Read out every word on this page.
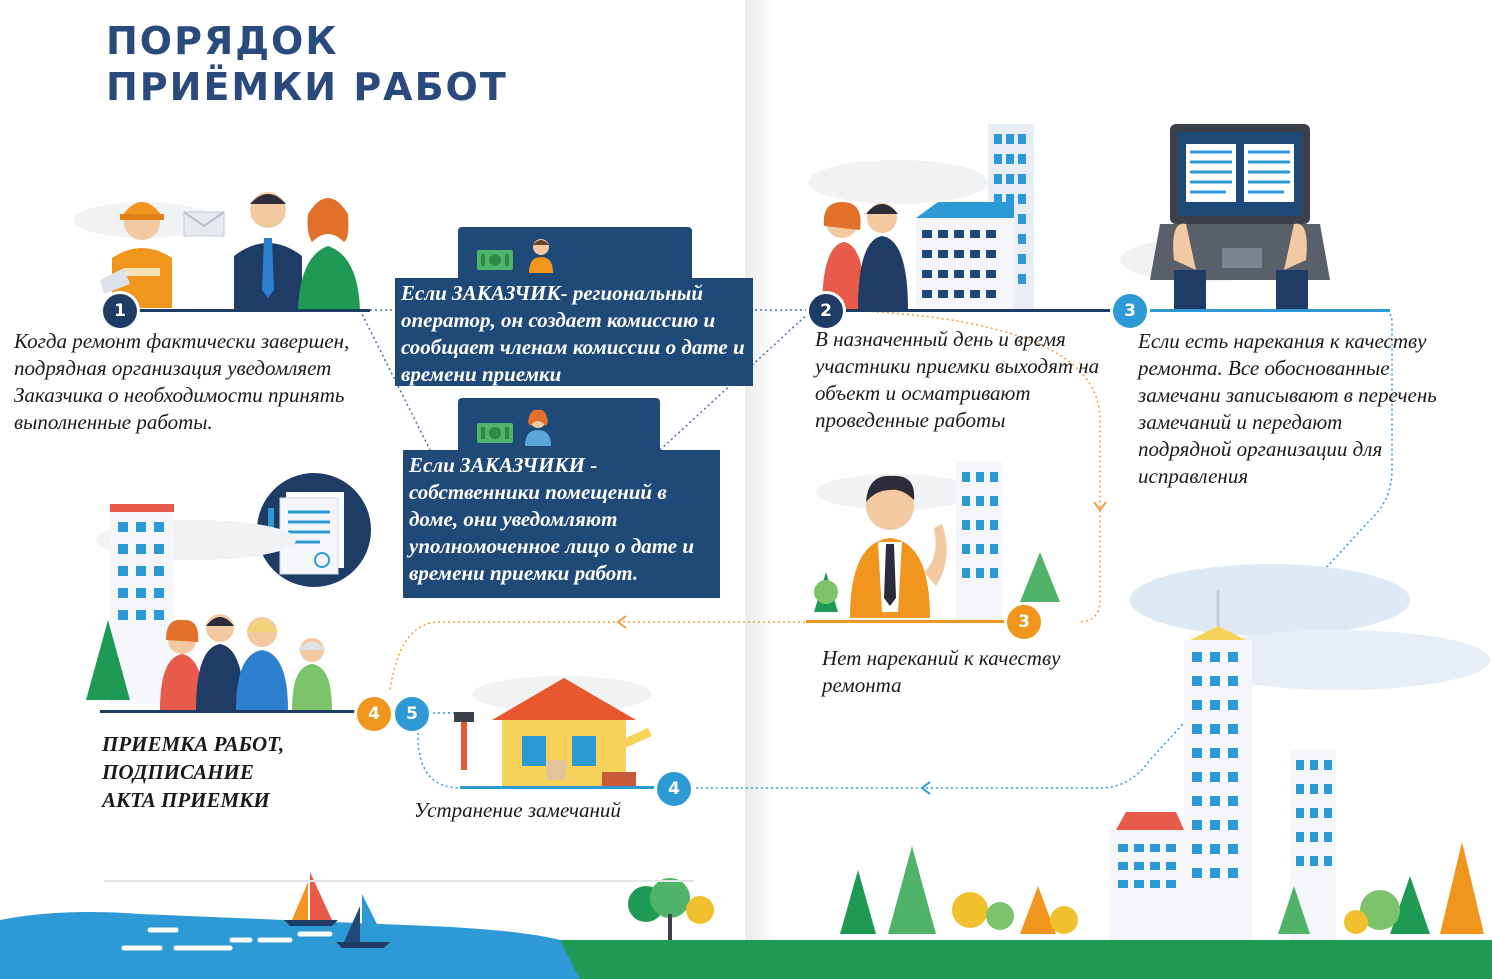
ПОРЯДОК
ПРИЁМКИ РАБОТ
1

Когда ремонт фактически завершен, подрядная организация уведомляет Заказчика о необходимости принять выполненные работы.

Если ЗАКАЗЧИК- региональный оператор, он создает комиссию и сообщает членам комиссии о дате и времени приемки
Если ЗАКАЗЧИКИ - собственники помещений в доме, они уведомляют уполномоченное лицо о дате и времени приемки работ.
2

В назначенный день и время участники приемки выходят на объект и осматривают проведенные работы

3

Если есть нарекания к качеству ремонта. Все обоснованные замечани записывают в перечень замечаний и передают подрядной организации для исправления

3

Нет нареканий к качеству ремонта

4	5
ПРИЕМКА РАБОТ,
ПОДПИСАНИЕ
АКТА ПРИЕМКИ	4

Устранение замечаний
